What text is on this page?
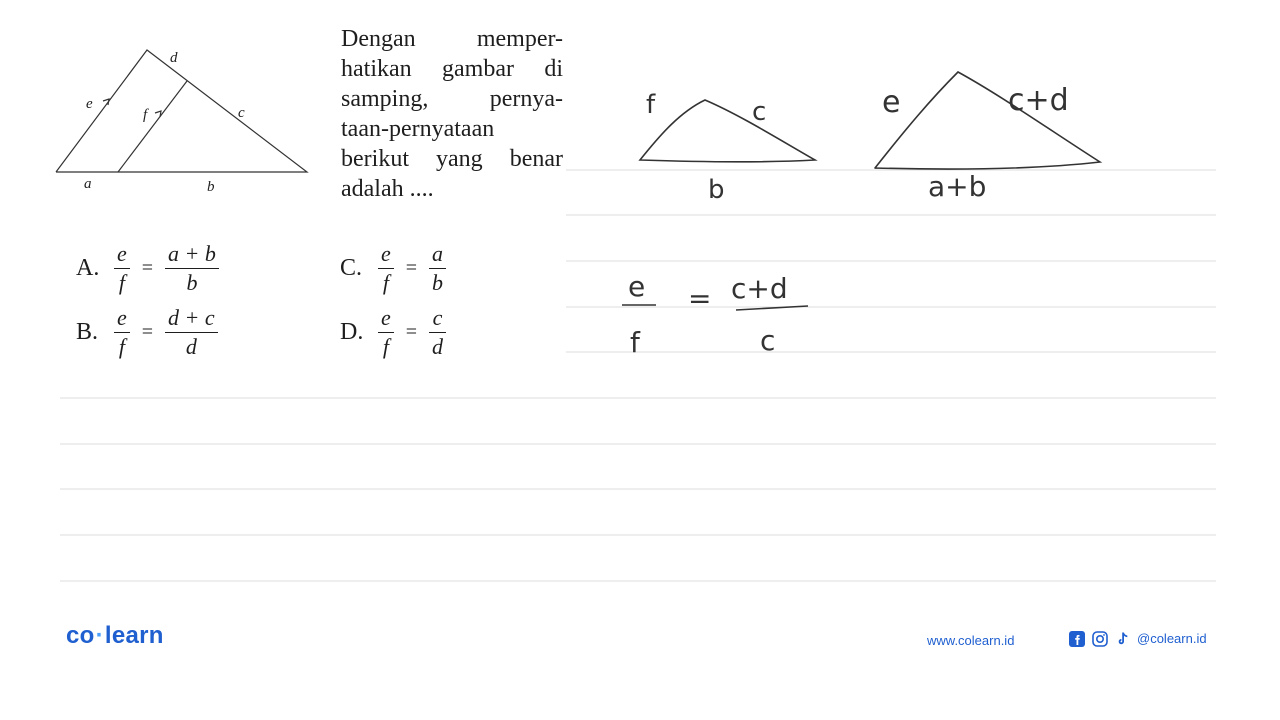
d
e
f	c
a	b
f	c
b
e	c+d
a+b
e
f
= c+d
c
Dengan memper-
hatikan gambar di
samping, pernya-
taan-pernyataan
berikut yang benar
adalah ....
A. $\frac{e}{f} = \frac{a + b}{b}$
B. $\frac{e}{f} = \frac{d + c}{d}$
C. $\frac{e}{f} = \frac{a}{b}$
D. $\frac{e}{f} = \frac{c}{d}$
co·learn	www.colearn.id	@colearn.id
